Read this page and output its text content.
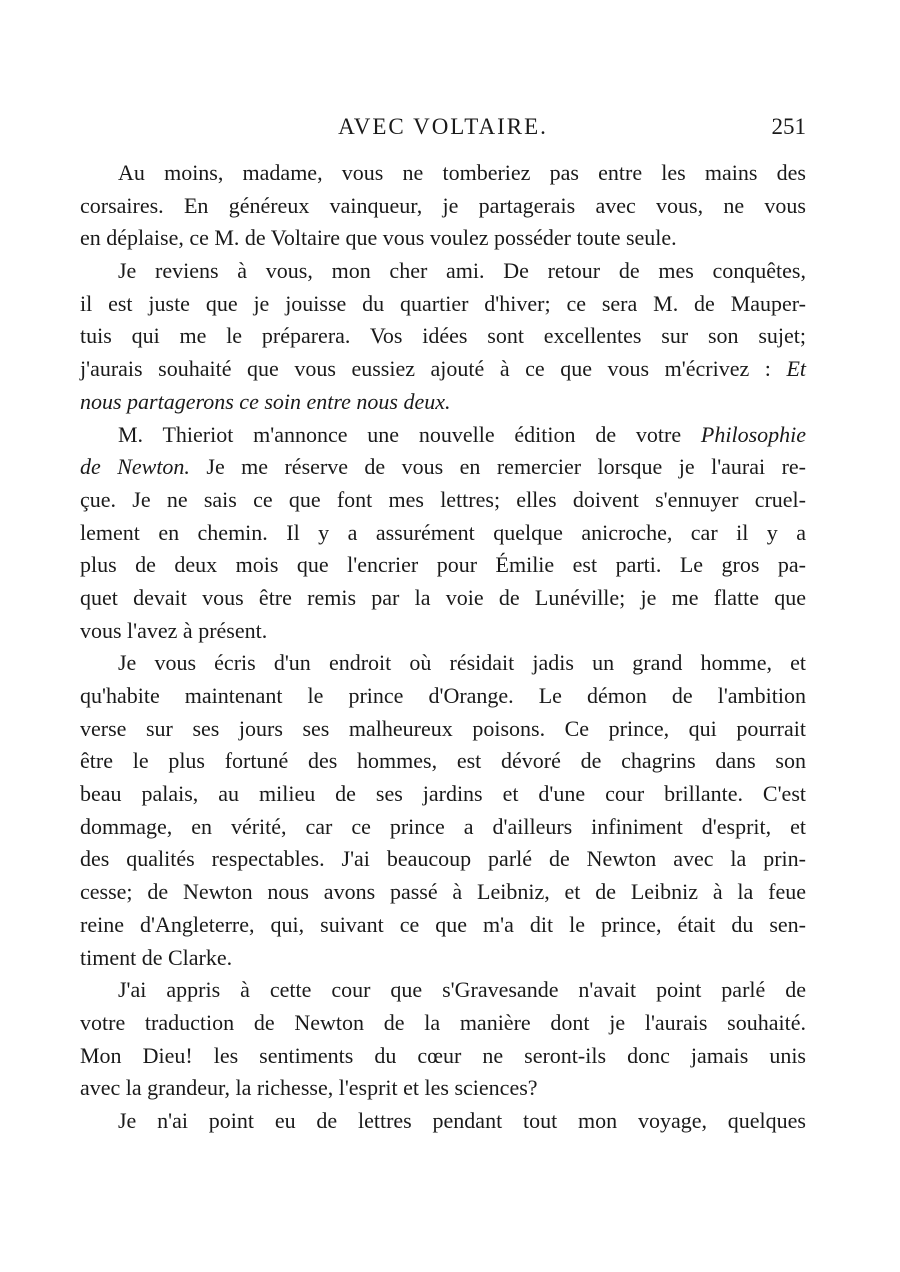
AVEC VOLTAIRE.	251
Au moins, madame, vous ne tomberiez pas entre les mains des
corsaires. En généreux vainqueur, je partagerais avec vous, ne vous
en déplaise, ce M. de Voltaire que vous voulez posséder toute seule.
Je reviens à vous, mon cher ami. De retour de mes conquêtes,
il est juste que je jouisse du quartier d'hiver; ce sera M. de Mauper-
tuis qui me le préparera. Vos idées sont excellentes sur son sujet;
j'aurais souhaité que vous eussiez ajouté à ce que vous m'écrivez : Et
nous partagerons ce soin entre nous deux.
M. Thieriot m'annonce une nouvelle édition de votre Philosophie
de Newton. Je me réserve de vous en remercier lorsque je l'aurai re-
çue. Je ne sais ce que font mes lettres; elles doivent s'ennuyer cruel-
lement en chemin. Il y a assurément quelque anicroche, car il y a
plus de deux mois que l'encrier pour Émilie est parti. Le gros pa-
quet devait vous être remis par la voie de Lunéville; je me flatte que
vous l'avez à présent.
Je vous écris d'un endroit où résidait jadis un grand homme, et
qu'habite maintenant le prince d'Orange. Le démon de l'ambition
verse sur ses jours ses malheureux poisons. Ce prince, qui pourrait
être le plus fortuné des hommes, est dévoré de chagrins dans son
beau palais, au milieu de ses jardins et d'une cour brillante. C'est
dommage, en vérité, car ce prince a d'ailleurs infiniment d'esprit, et
des qualités respectables. J'ai beaucoup parlé de Newton avec la prin-
cesse; de Newton nous avons passé à Leibniz, et de Leibniz à la feue
reine d'Angleterre, qui, suivant ce que m'a dit le prince, était du sen-
timent de Clarke.
J'ai appris à cette cour que s'Gravesande n'avait point parlé de
votre traduction de Newton de la manière dont je l'aurais souhaité.
Mon Dieu! les sentiments du cœur ne seront-ils donc jamais unis
avec la grandeur, la richesse, l'esprit et les sciences?
Je n'ai point eu de lettres pendant tout mon voyage, quelques
